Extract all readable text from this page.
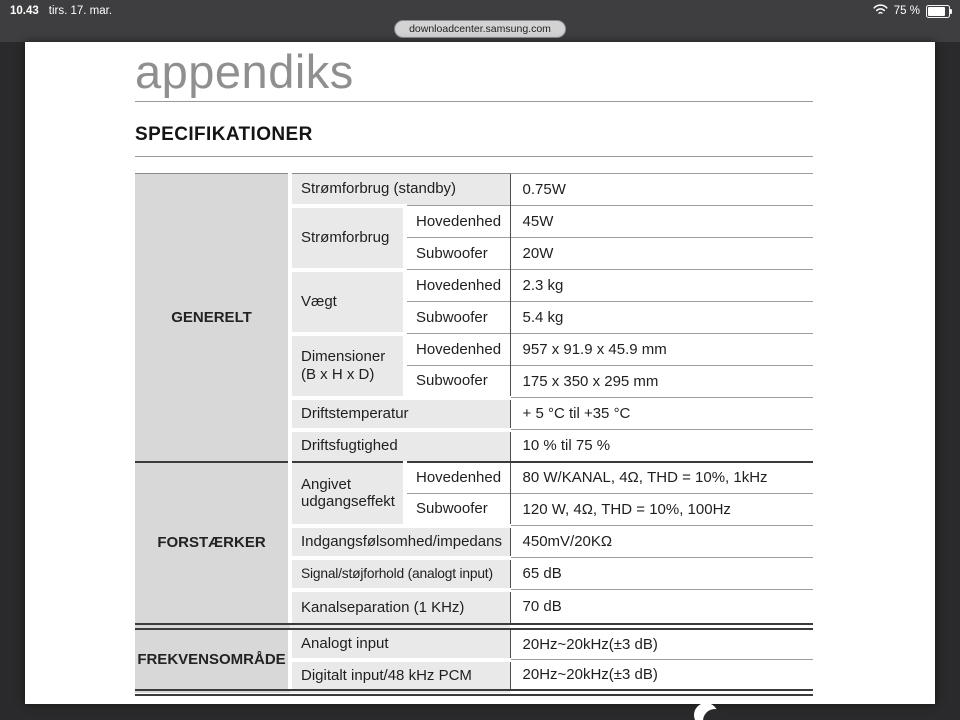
10.43 tirs. 17. mar.	75 %
downloadcenter.samsung.com
appendiks
SPECIFIKATIONER
GENERELT	Strømforbrug (standby)		0.75W
	Strømforbrug	Hovedenhed	45W
		Subwoofer	20W
	Vægt	Hovedenhed	2.3 kg
		Subwoofer	5.4 kg
	Dimensioner (B x H x D)	Hovedenhed	957 x 91.9 x 45.9 mm
		Subwoofer	175 x 350 x 295 mm
	Driftstemperatur		+ 5 °C til +35 °C
	Driftsfugtighed		10 % til 75 %
FORSTÆRKER	Angivet udgangseffekt	Hovedenhed	80 W/KANAL, 4Ω, THD = 10%, 1kHz
		Subwoofer	120 W, 4Ω, THD = 10%, 100Hz
	Indgangsfølsomhed/impedans		450mV/20KΩ
	Signal/støjforhold (analogt input)		65 dB
	Kanalseparation (1 KHz)		70 dB
FREKVENSOMRÅDE	Analogt input		20Hz~20kHz(±3 dB)
	Digitalt input/48 kHz PCM		20Hz~20kHz(±3 dB)
